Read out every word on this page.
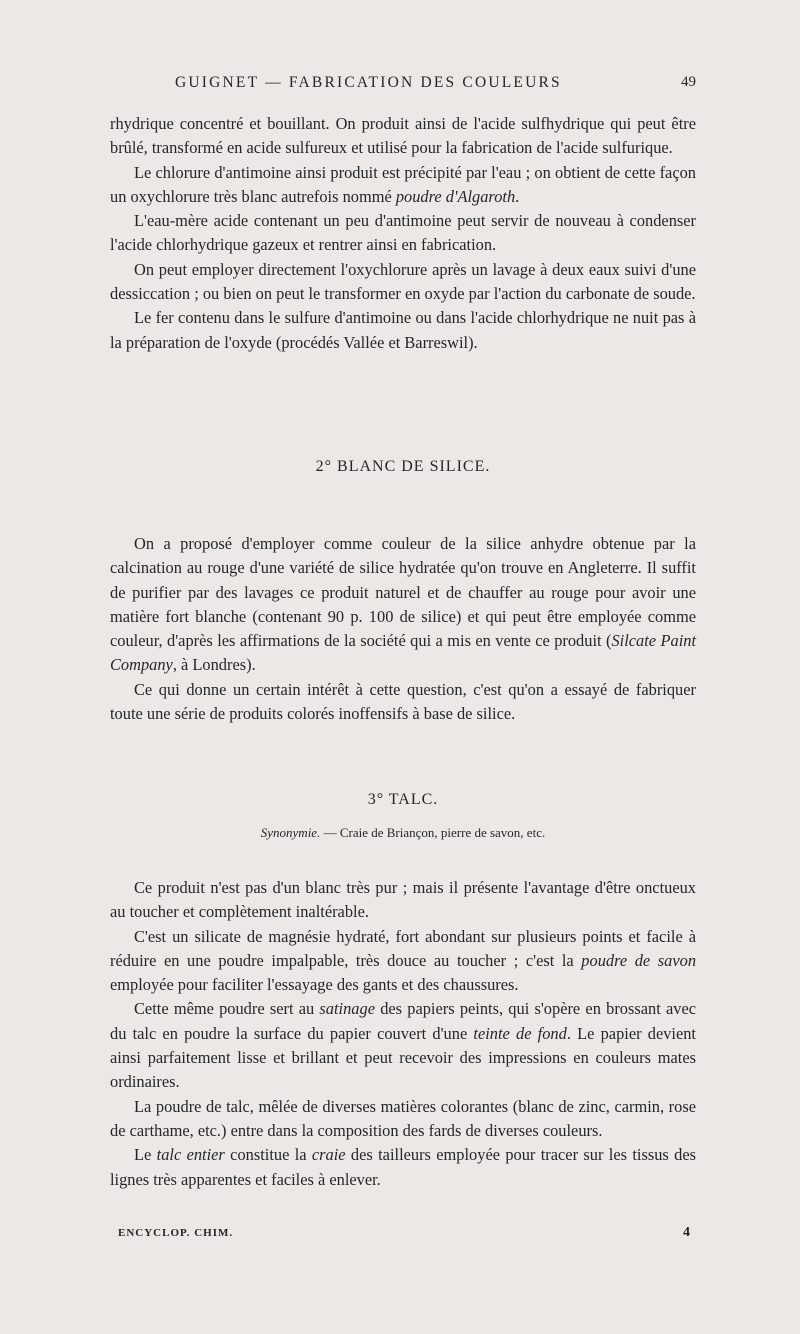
GUIGNET — FABRICATION DES COULEURS	49

rhydrique concentré et bouillant. On produit ainsi de l'acide sulfhydrique qui peut être brûlé, transformé en acide sulfureux et utilisé pour la fabrication de l'acide sulfurique.

Le chlorure d'antimoine ainsi produit est précipité par l'eau ; on obtient de cette façon un oxychlorure très blanc autrefois nommé poudre d'Algaroth.

L'eau-mère acide contenant un peu d'antimoine peut servir de nouveau à condenser l'acide chlorhydrique gazeux et rentrer ainsi en fabrication.

On peut employer directement l'oxychlorure après un lavage à deux eaux suivi d'une dessiccation ; ou bien on peut le transformer en oxyde par l'action du carbonate de soude.

Le fer contenu dans le sulfure d'antimoine ou dans l'acide chlorhydrique ne nuit pas à la préparation de l'oxyde (procédés Vallée et Barreswil).

2° BLANC DE SILICE.

On a proposé d'employer comme couleur de la silice anhydre obtenue par la calcination au rouge d'une variété de silice hydratée qu'on trouve en Angleterre. Il suffit de purifier par des lavages ce produit naturel et de chauffer au rouge pour avoir une matière fort blanche (contenant 90 p. 100 de silice) et qui peut être employée comme couleur, d'après les affirmations de la société qui a mis en vente ce produit (Silcate Paint Company, à Londres).

Ce qui donne un certain intérêt à cette question, c'est qu'on a essayé de fabriquer toute une série de produits colorés inoffensifs à base de silice.

3° TALC.
Synonymie. — Craie de Briançon, pierre de savon, etc.

Ce produit n'est pas d'un blanc très pur ; mais il présente l'avantage d'être onctueux au toucher et complètement inaltérable.

C'est un silicate de magnésie hydraté, fort abondant sur plusieurs points et facile à réduire en une poudre impalpable, très douce au toucher ; c'est la poudre de savon employée pour faciliter l'essayage des gants et des chaussures.

Cette même poudre sert au satinage des papiers peints, qui s'opère en brossant avec du talc en poudre la surface du papier couvert d'une teinte de fond. Le papier devient ainsi parfaitement lisse et brillant et peut recevoir des impressions en couleurs mates ordinaires.

La poudre de talc, mêlée de diverses matières colorantes (blanc de zinc, carmin, rose de carthame, etc.) entre dans la composition des fards de diverses couleurs.

Le talc entier constitue la craie des tailleurs employée pour tracer sur les tissus des lignes très apparentes et faciles à enlever.

ENCYCLOP. CHIM.	4
